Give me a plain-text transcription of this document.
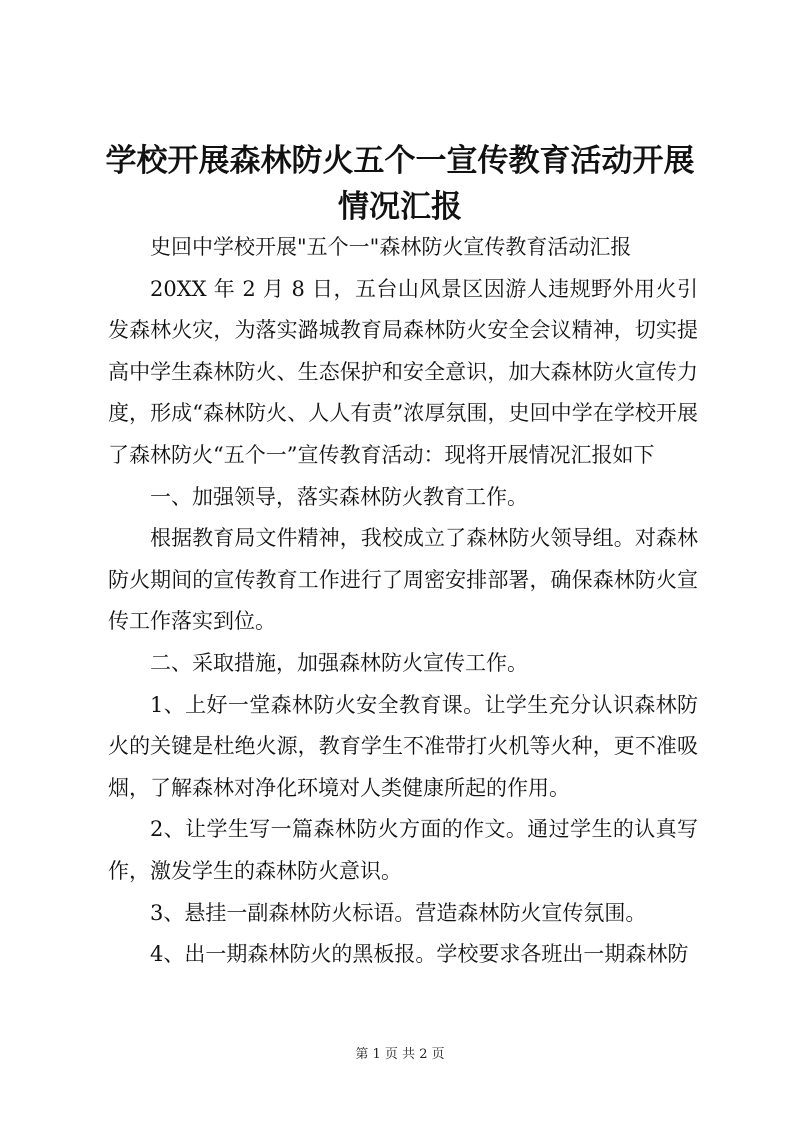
学校开展森林防火五个一宣传教育活动开展情况汇报

史回中学校开展"五个一"森林防火宣传教育活动汇报

20XX 年 2 月 8 日，五台山风景区因游人违规野外用火引发森林火灾，为落实潞城教育局森林防火安全会议精神，切实提高中学生森林防火、生态保护和安全意识，加大森林防火宣传力度，形成“森林防火、人人有责”浓厚氛围，史回中学在学校开展了森林防火“五个一”宣传教育活动：现将开展情况汇报如下

一、加强领导，落实森林防火教育工作。

根据教育局文件精神，我校成立了森林防火领导组。对森林防火期间的宣传教育工作进行了周密安排部署，确保森林防火宣传工作落实到位。

二、采取措施，加强森林防火宣传工作。

1、上好一堂森林防火安全教育课。让学生充分认识森林防火的关键是杜绝火源，教育学生不准带打火机等火种，更不准吸烟，了解森林对净化环境对人类健康所起的作用。

2、让学生写一篇森林防火方面的作文。通过学生的认真写作，激发学生的森林防火意识。

3、悬挂一副森林防火标语。营造森林防火宣传氛围。

4、出一期森林防火的黑板报。学校要求各班出一期森林防

第 1 页 共 2 页
